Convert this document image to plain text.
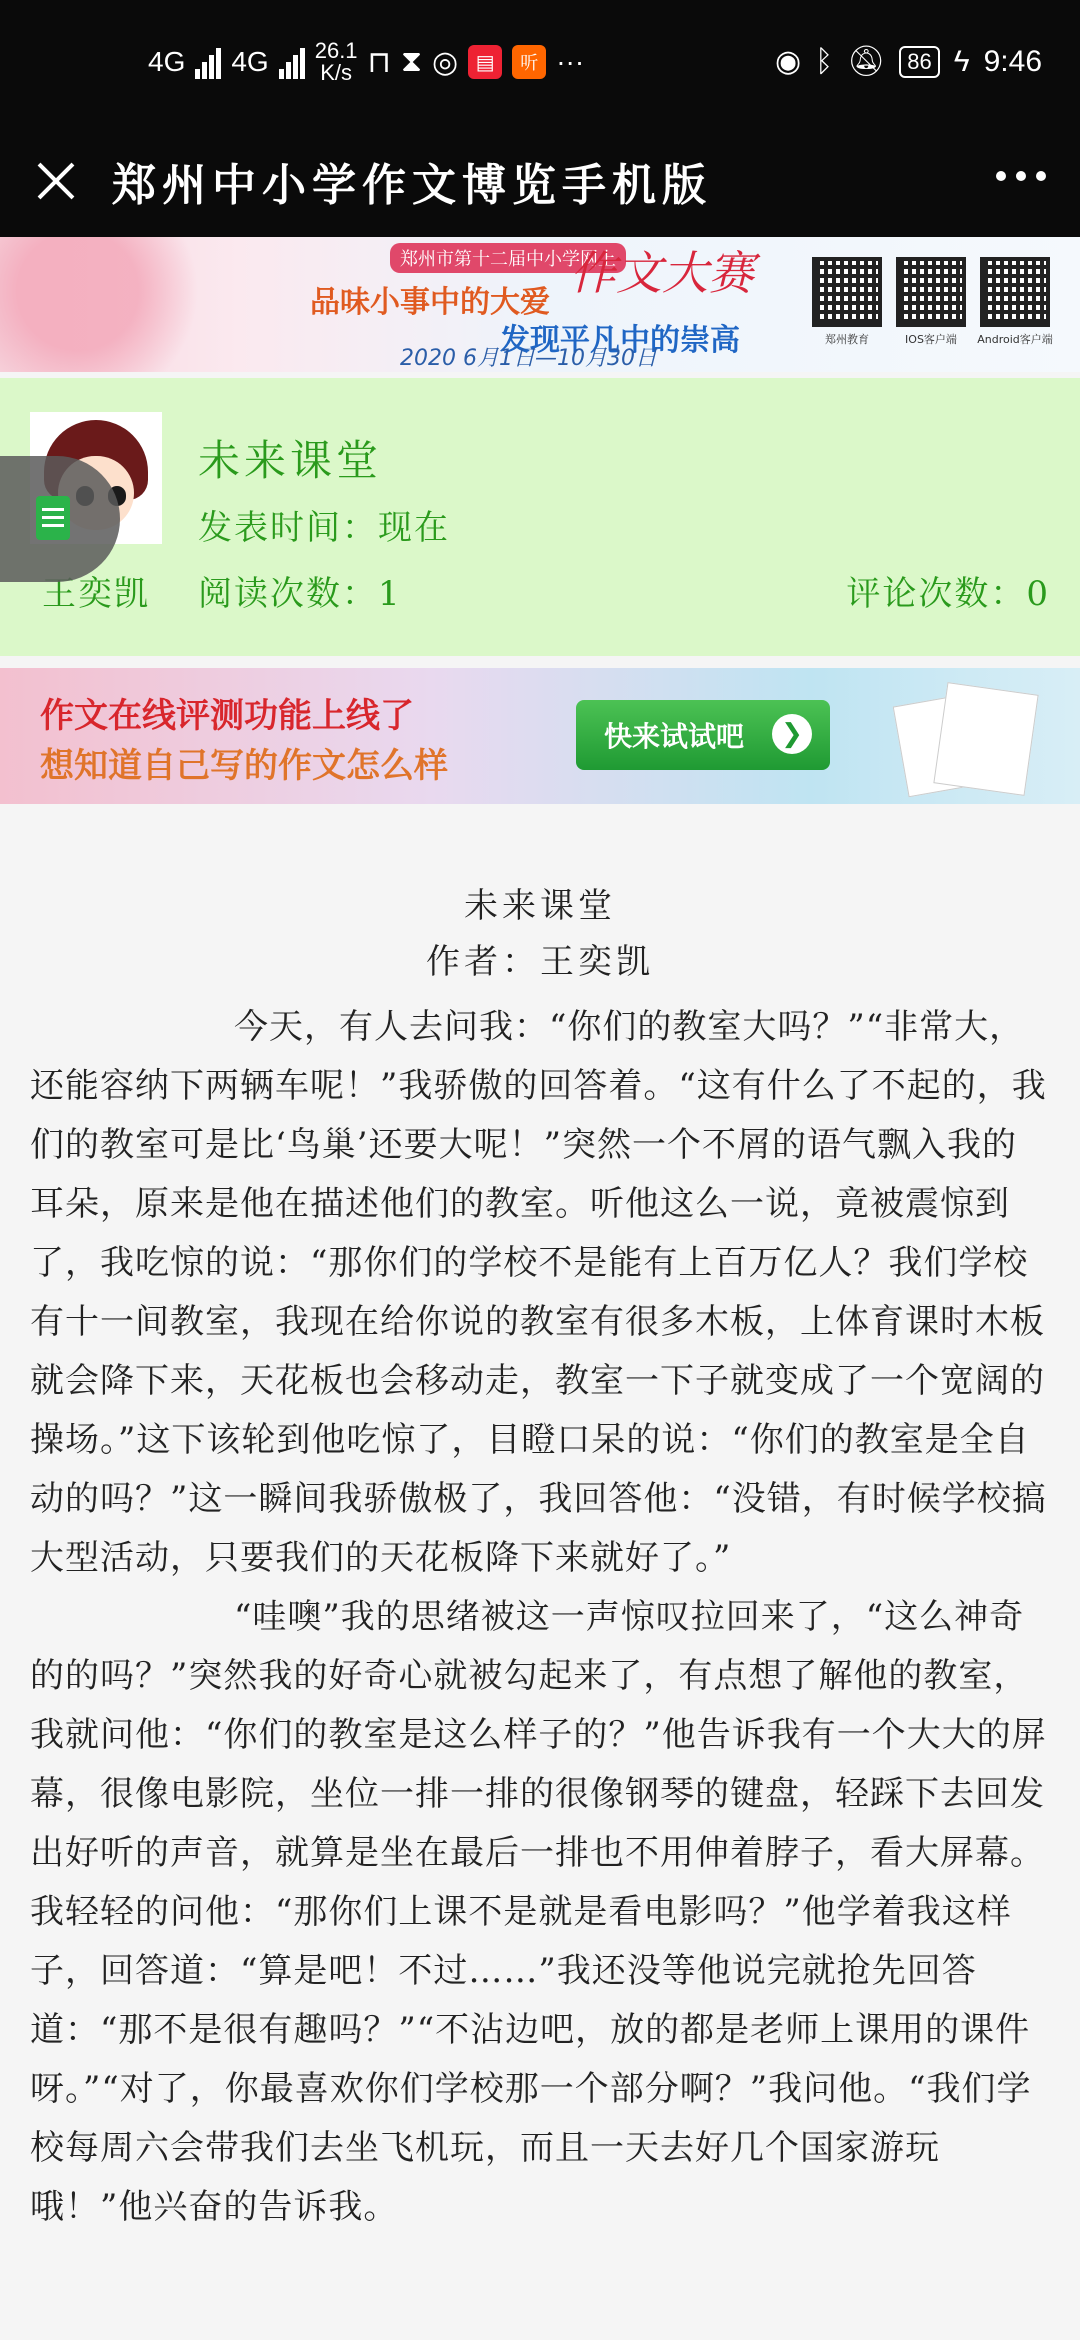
4G 4G 26.1
K/s ⊓ ⧗ ◎ ▤	听 ···	◉ ᛒ 🔕︎	86 ϟ 9:46
郑州中小学作文博览手机版
郑州市第十二届中小学网上
作文大赛
品味小事中的大爱
发现平凡中的崇高
2020 6月1日—10月30日
郑州教育	IOS客户端 Android客户端
未来课堂
发表时间：现在
王奕凯 阅读次数：1	评论次数：0
作文在线评测功能上线了
想知道自己写的作文怎么样
快来试试吧	❯
未来课堂
作者：王奕凯

今天，有人去问我：“你们的教室大吗？”“非常大，还能容纳下两辆车呢！”我骄傲的回答着。“这有什么了不起的，我们的教室可是比‘鸟巢’还要大呢！”突然一个不屑的语气飘入我的耳朵，原来是他在描述他们的教室。听他这么一说，竟被震惊到了，我吃惊的说：“那你们的学校不是能有上百万亿人？我们学校有十一间教室，我现在给你说的教室有很多木板，上体育课时木板就会降下来，天花板也会移动走，教室一下子就变成了一个宽阔的操场。”这下该轮到他吃惊了，目瞪口呆的说：“你们的教室是全自动的吗？”这一瞬间我骄傲极了，我回答他：“没错，有时候学校搞大型活动，只要我们的天花板降下来就好了。”

“哇噢”我的思绪被这一声惊叹拉回来了，“这么神奇的的吗？”突然我的好奇心就被勾起来了，有点想了解他的教室，我就问他：“你们的教室是这么样子的？”他告诉我有一个大大的屏幕，很像电影院，坐位一排一排的很像钢琴的键盘，轻踩下去回发出好听的声音，就算是坐在最后一排也不用伸着脖子，看大屏幕。我轻轻的问他：“那你们上课不是就是看电影吗？”他学着我这样子，回答道：“算是吧！不过……”我还没等他说完就抢先回答道：“那不是很有趣吗？”“不沾边吧，放的都是老师上课用的课件呀。”“对了，你最喜欢你们学校那一个部分啊？”我问他。“我们学校每周六会带我们去坐飞机玩，而且一天去好几个国家游玩哦！”他兴奋的告诉我。
